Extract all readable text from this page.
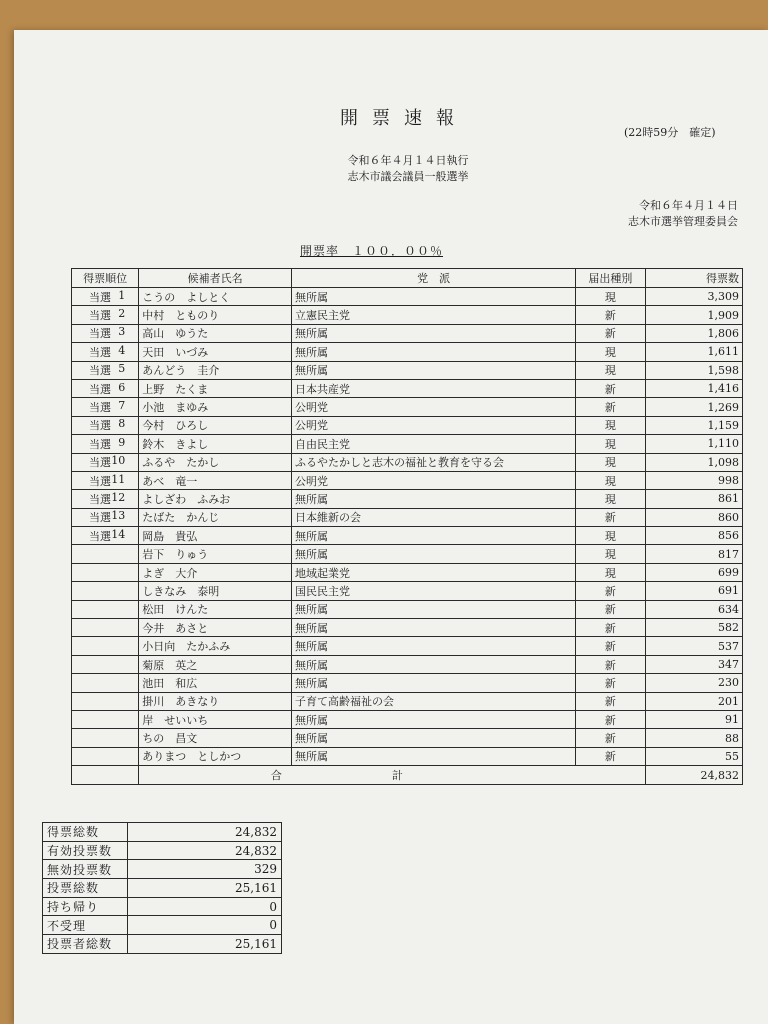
開票速報
(22時59分　確定)
令和６年４月１４日執行
志木市議会議員一般選挙
令和６年４月１４日
志木市選挙管理委員会
開票率　１００．００％
得票順位	候補者氏名	党　派	届出種別	得票数

当選 1	こうの　よしとく	無所属	現	3,309

当選 2	中村　とものり	立憲民主党	新	1,909

当選 3	高山　ゆうた	無所属	新	1,806

当選 4	天田　いづみ	無所属	現	1,611

当選 5	あんどう　圭介	無所属	現	1,598

当選 6	上野　たくま	日本共産党	新	1,416

当選 7	小池　まゆみ	公明党	新	1,269

当選 8	今村　ひろし	公明党	現	1,159

当選 9	鈴木　きよし	自由民主党	現	1,110

当選 10	ふるや　たかし	ふるやたかしと志木の福祉と教育を守る会	現	1,098

当選 11	あべ　竜一	公明党	現	998

当選 12	よしざわ　ふみお	無所属	現	861

当選 13	たばた　かんじ	日本維新の会	新	860

当選 14	岡島　貴弘	無所属	現	856

	岩下　りゅう	無所属	現	817

	よぎ　大介	地域起業党	現	699

	しきなみ　泰明	国民民主党	新	691

	松田　けんた	無所属	新	634

	今井　あさと	無所属	新	582

	小日向　たかふみ	無所属	新	537

	菊原　英之	無所属	新	347

	池田　和広	無所属	新	230

	掛川　あきなり	子育て高齢福祉の会	新	201

	岸　せいいち	無所属	新	91

	ちの　昌文	無所属	新	88

	ありまつ　としかつ	無所属	新	55
	合計			24,832
得票総数	24,832
有効投票数	24,832
無効投票数	329
投票総数	25,161
持ち帰り	0
不受理	0
投票者総数	25,161
